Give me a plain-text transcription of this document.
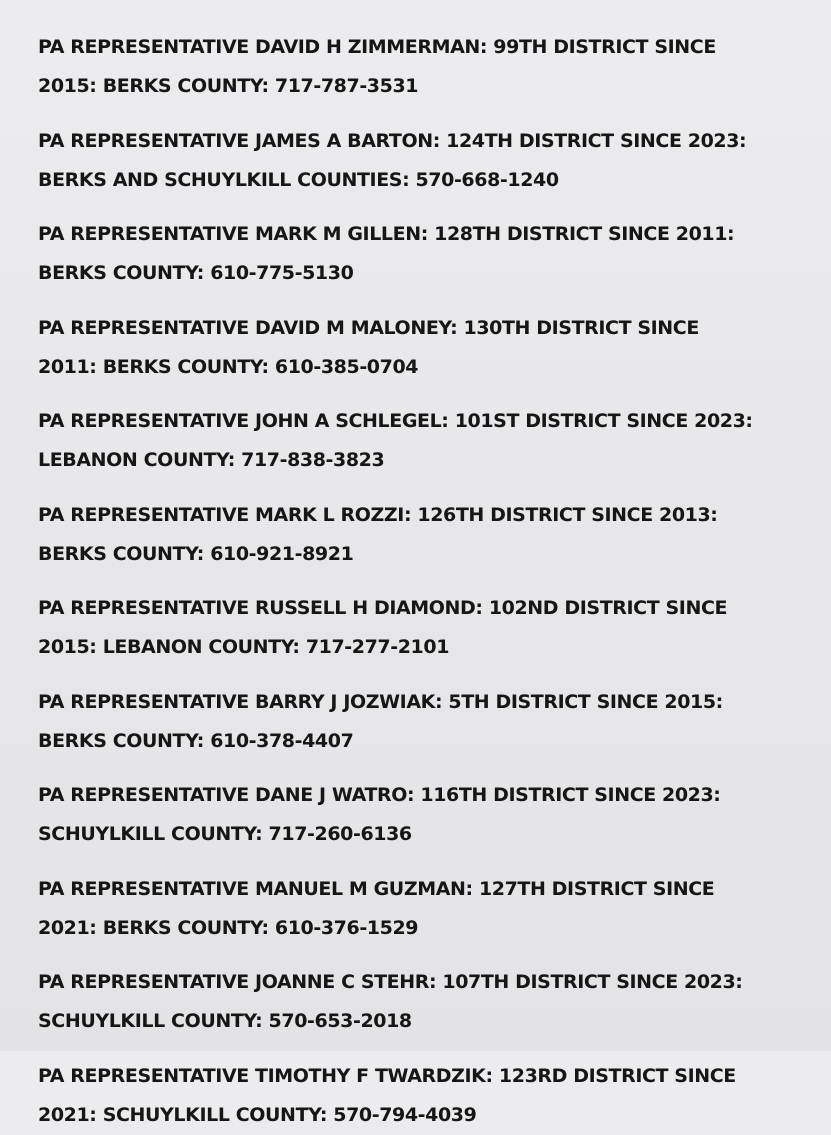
PA REPRESENTATIVE DAVID H ZIMMERMAN: 99TH DISTRICT SINCE
2015: BERKS COUNTY: 717-787-3531
PA REPRESENTATIVE JAMES A BARTON: 124TH DISTRICT SINCE 2023:
BERKS AND SCHUYLKILL COUNTIES: 570-668-1240
PA REPRESENTATIVE MARK M GILLEN: 128TH DISTRICT SINCE 2011:
BERKS COUNTY: 610-775-5130
PA REPRESENTATIVE DAVID M MALONEY: 130TH DISTRICT SINCE
2011: BERKS COUNTY: 610-385-0704
PA REPRESENTATIVE JOHN A SCHLEGEL: 101ST DISTRICT SINCE 2023:
LEBANON COUNTY: 717-838-3823
PA REPRESENTATIVE MARK L ROZZI: 126TH DISTRICT SINCE 2013:
BERKS COUNTY: 610-921-8921
PA REPRESENTATIVE RUSSELL H DIAMOND: 102ND DISTRICT SINCE
2015: LEBANON COUNTY: 717-277-2101
PA REPRESENTATIVE BARRY J JOZWIAK: 5TH DISTRICT SINCE 2015:
BERKS COUNTY: 610-378-4407
PA REPRESENTATIVE DANE J WATRO: 116TH DISTRICT SINCE 2023:
SCHUYLKILL COUNTY: 717-260-6136
PA REPRESENTATIVE MANUEL M GUZMAN: 127TH DISTRICT SINCE
2021: BERKS COUNTY: 610-376-1529
PA REPRESENTATIVE JOANNE C STEHR: 107TH DISTRICT SINCE 2023:
SCHUYLKILL COUNTY: 570-653-2018
PA REPRESENTATIVE TIMOTHY F TWARDZIK: 123RD DISTRICT SINCE
2021: SCHUYLKILL COUNTY: 570-794-4039
